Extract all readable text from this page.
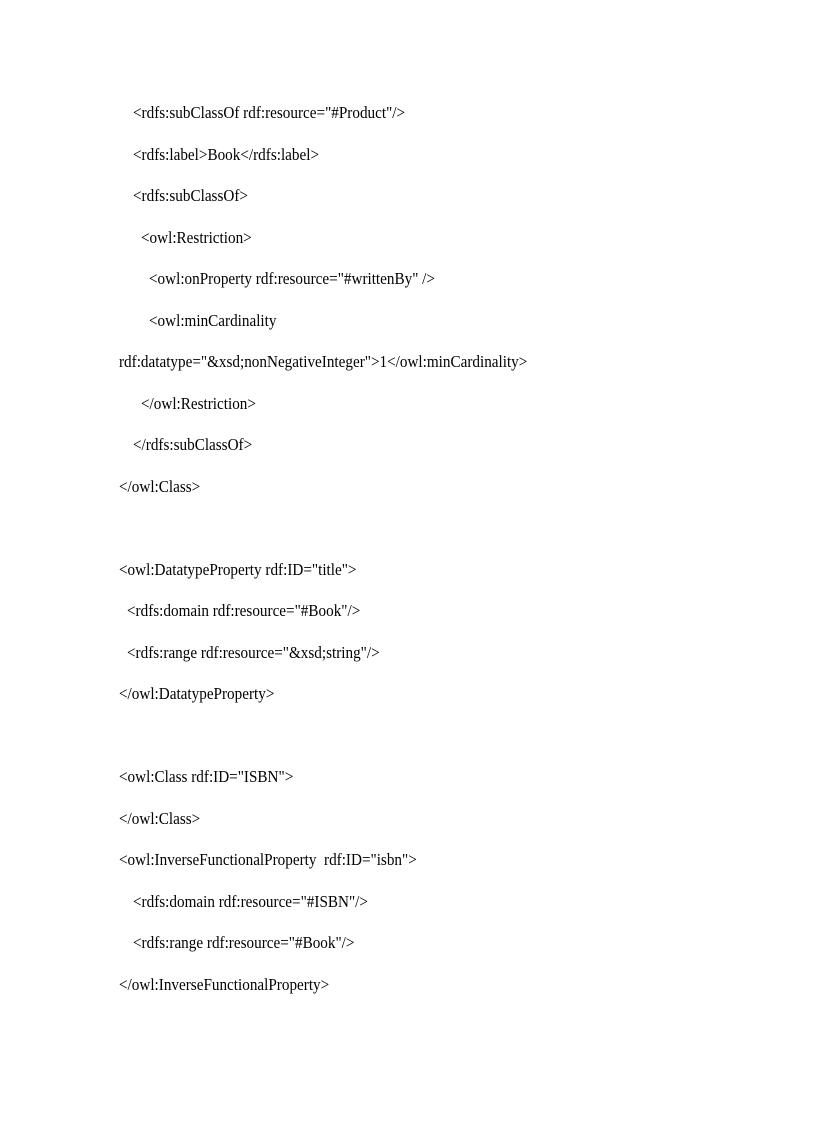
<rdfs:subClassOf rdf:resource="#Product"/>
<rdfs:label>Book</rdfs:label>
<rdfs:subClassOf>
<owl:Restriction>
<owl:onProperty rdf:resource="#writtenBy" />
<owl:minCardinality
rdf:datatype="&xsd;nonNegativeInteger">1</owl:minCardinality>
</owl:Restriction>
</rdfs:subClassOf>
</owl:Class>
<owl:DatatypeProperty rdf:ID="title">
<rdfs:domain rdf:resource="#Book"/>
<rdfs:range rdf:resource="&xsd;string"/>
</owl:DatatypeProperty>
<owl:Class rdf:ID="ISBN">
</owl:Class>
<owl:InverseFunctionalProperty  rdf:ID="isbn">
<rdfs:domain rdf:resource="#ISBN"/>
<rdfs:range rdf:resource="#Book"/>
</owl:InverseFunctionalProperty>
